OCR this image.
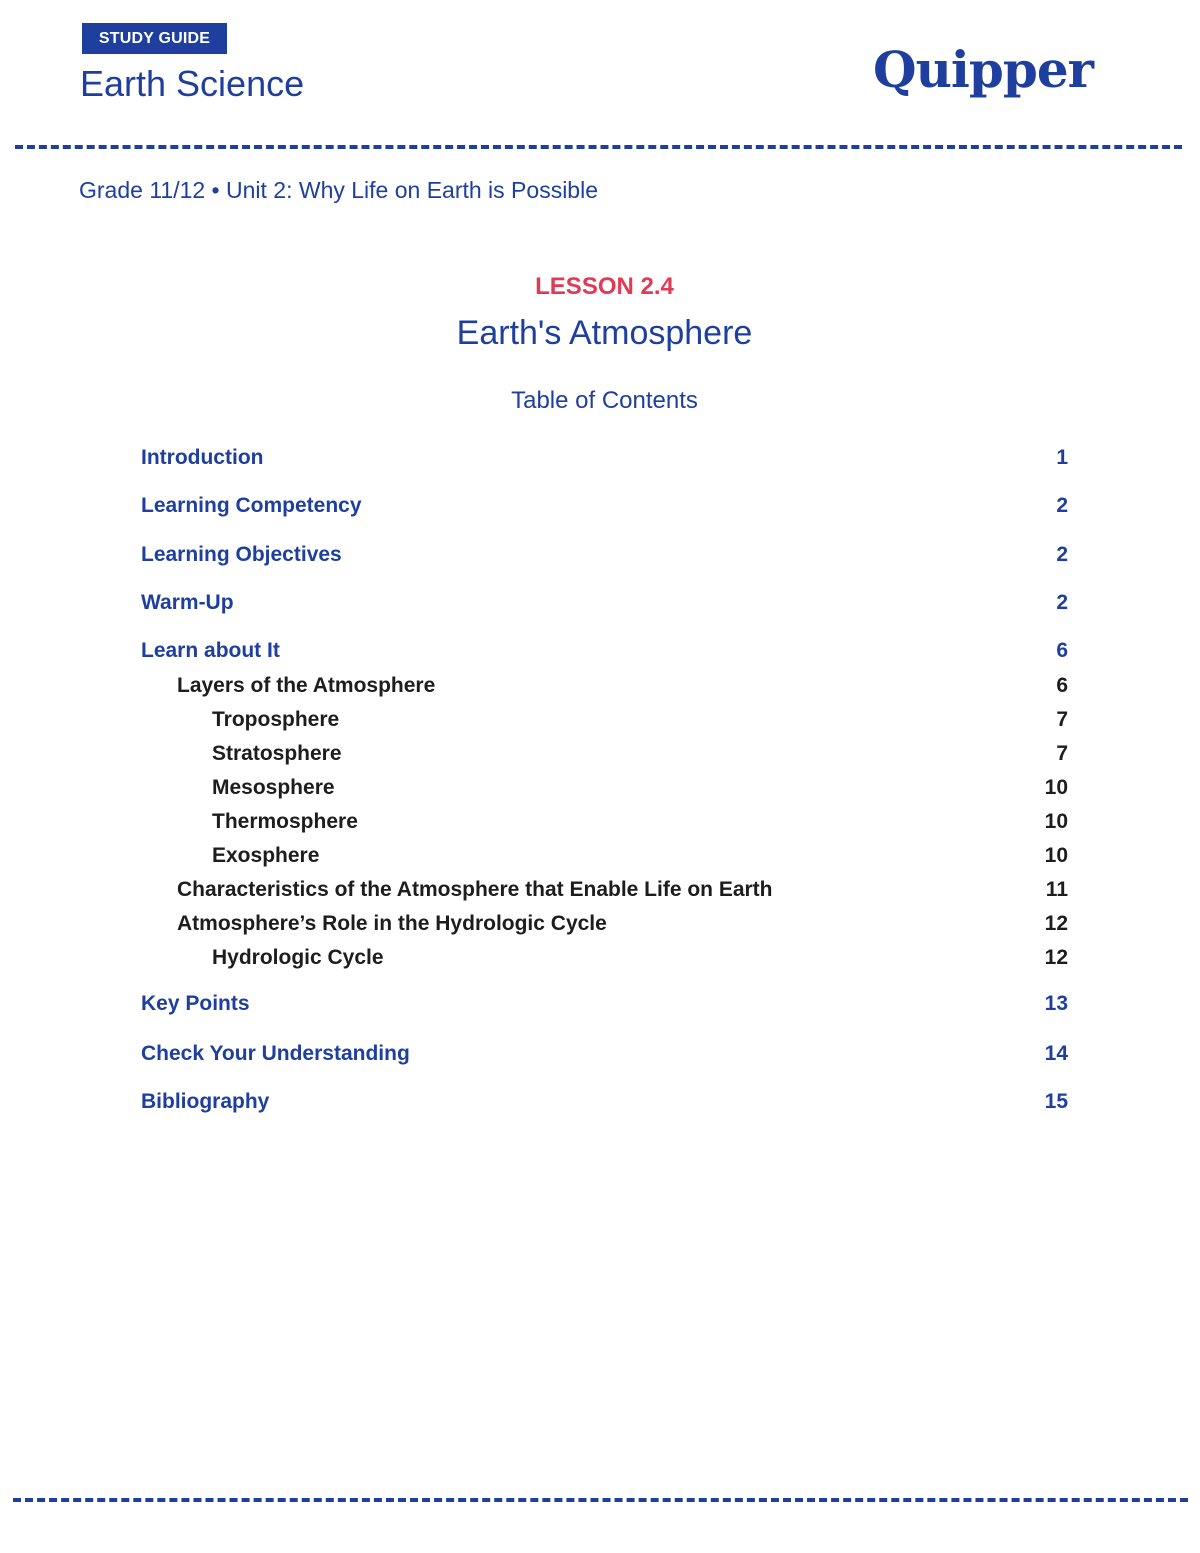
STUDY GUIDE
Earth Science	Quipper
Grade 11/12 • Unit 2: Why Life on Earth is Possible
LESSON 2.4
Earth's Atmosphere
Table of Contents
Introduction	1
Learning Competency	2
Learning Objectives	2
Warm-Up	2
Learn about It	6
Layers of the Atmosphere	6
Troposphere	7
Stratosphere	7
Mesosphere	10
Thermosphere	10
Exosphere	10
Characteristics of the Atmosphere that Enable Life on Earth	11
Atmosphere’s Role in the Hydrologic Cycle	12
Hydrologic Cycle	12
Key Points	13
Check Your Understanding	14
Bibliography	15
